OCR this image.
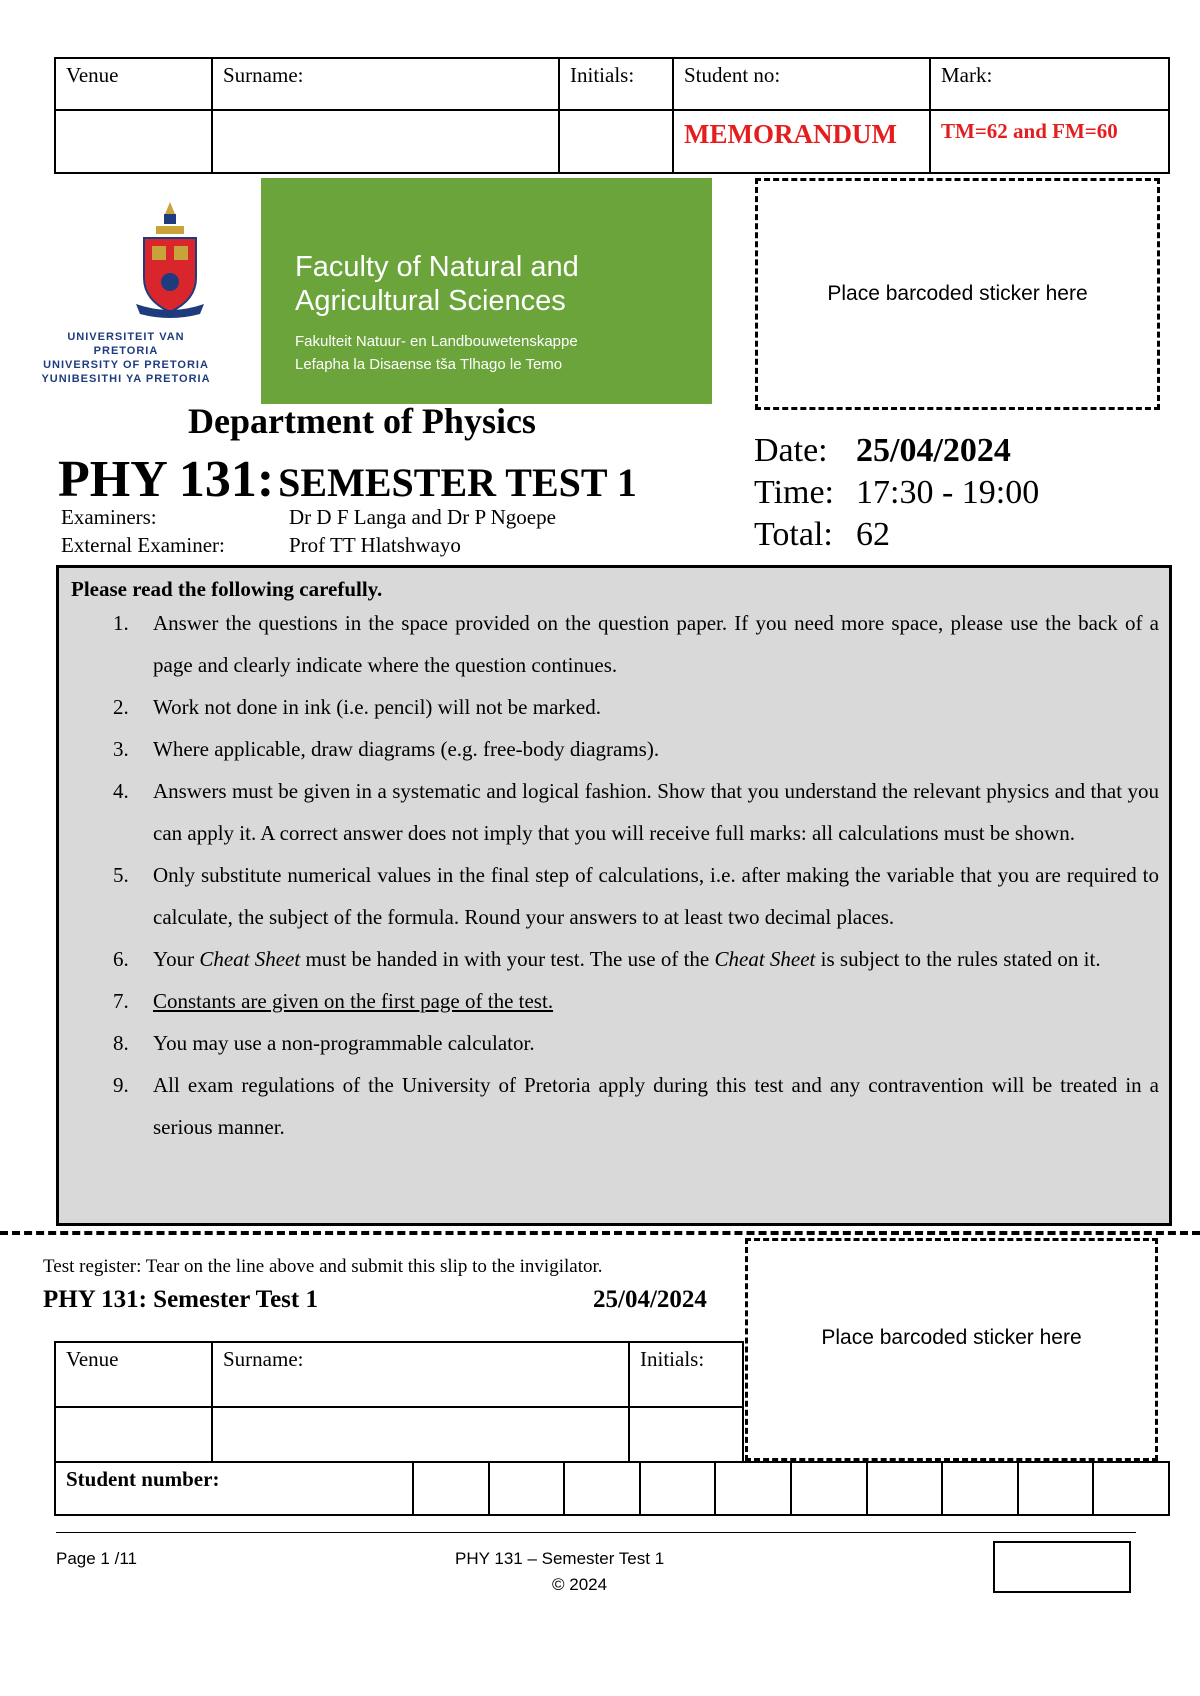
Venue	Surname:	Initials:	Student no:	Mark:

			MEMORANDUM	TM=62 and FM=60
UNIVERSITEIT VAN PRETORIA
UNIVERSITY OF PRETORIA
YUNIBESITHI YA PRETORIA
Faculty of Natural and
Agricultural Sciences
Fakulteit Natuur- en Landbouwetenskappe
Lefapha la Disaense tša Tlhago le Temo
Place barcoded sticker here
Department of Physics
PHY 131: SEMESTER TEST 1
Examiners:	Dr D F Langa and Dr P Ngoepe
External Examiner:	Prof TT Hlatshwayo
Date: 25/04/2024
Time: 17:30 - 19:00
Total: 62
Please read the following carefully.
1. Answer the questions in the space provided on the question paper. If you need more space, please use the back of a page and clearly indicate where the question continues.
2. Work not done in ink (i.e. pencil) will not be marked.
3. Where applicable, draw diagrams (e.g. free-body diagrams).
4. Answers must be given in a systematic and logical fashion. Show that you understand the relevant physics and that you can apply it. A correct answer does not imply that you will receive full marks: all calculations must be shown.
5. Only substitute numerical values in the final step of calculations, i.e. after making the variable that you are required to calculate, the subject of the formula. Round your answers to at least two decimal places.
6. Your Cheat Sheet must be handed in with your test. The use of the Cheat Sheet is subject to the rules stated on it.
7. Constants are given on the first page of the test.
8. You may use a non-programmable calculator.
9. All exam regulations of the University of Pretoria apply during this test and any contravention will be treated in a serious manner.
Test register: Tear on the line above and submit this slip to the invigilator.
PHY 131: Semester Test 1	25/04/2024
Venue	Surname:	Initials:

Place barcoded sticker here
Student number:

Page 1 /11	PHY 131 – Semester Test 1
© 2024
